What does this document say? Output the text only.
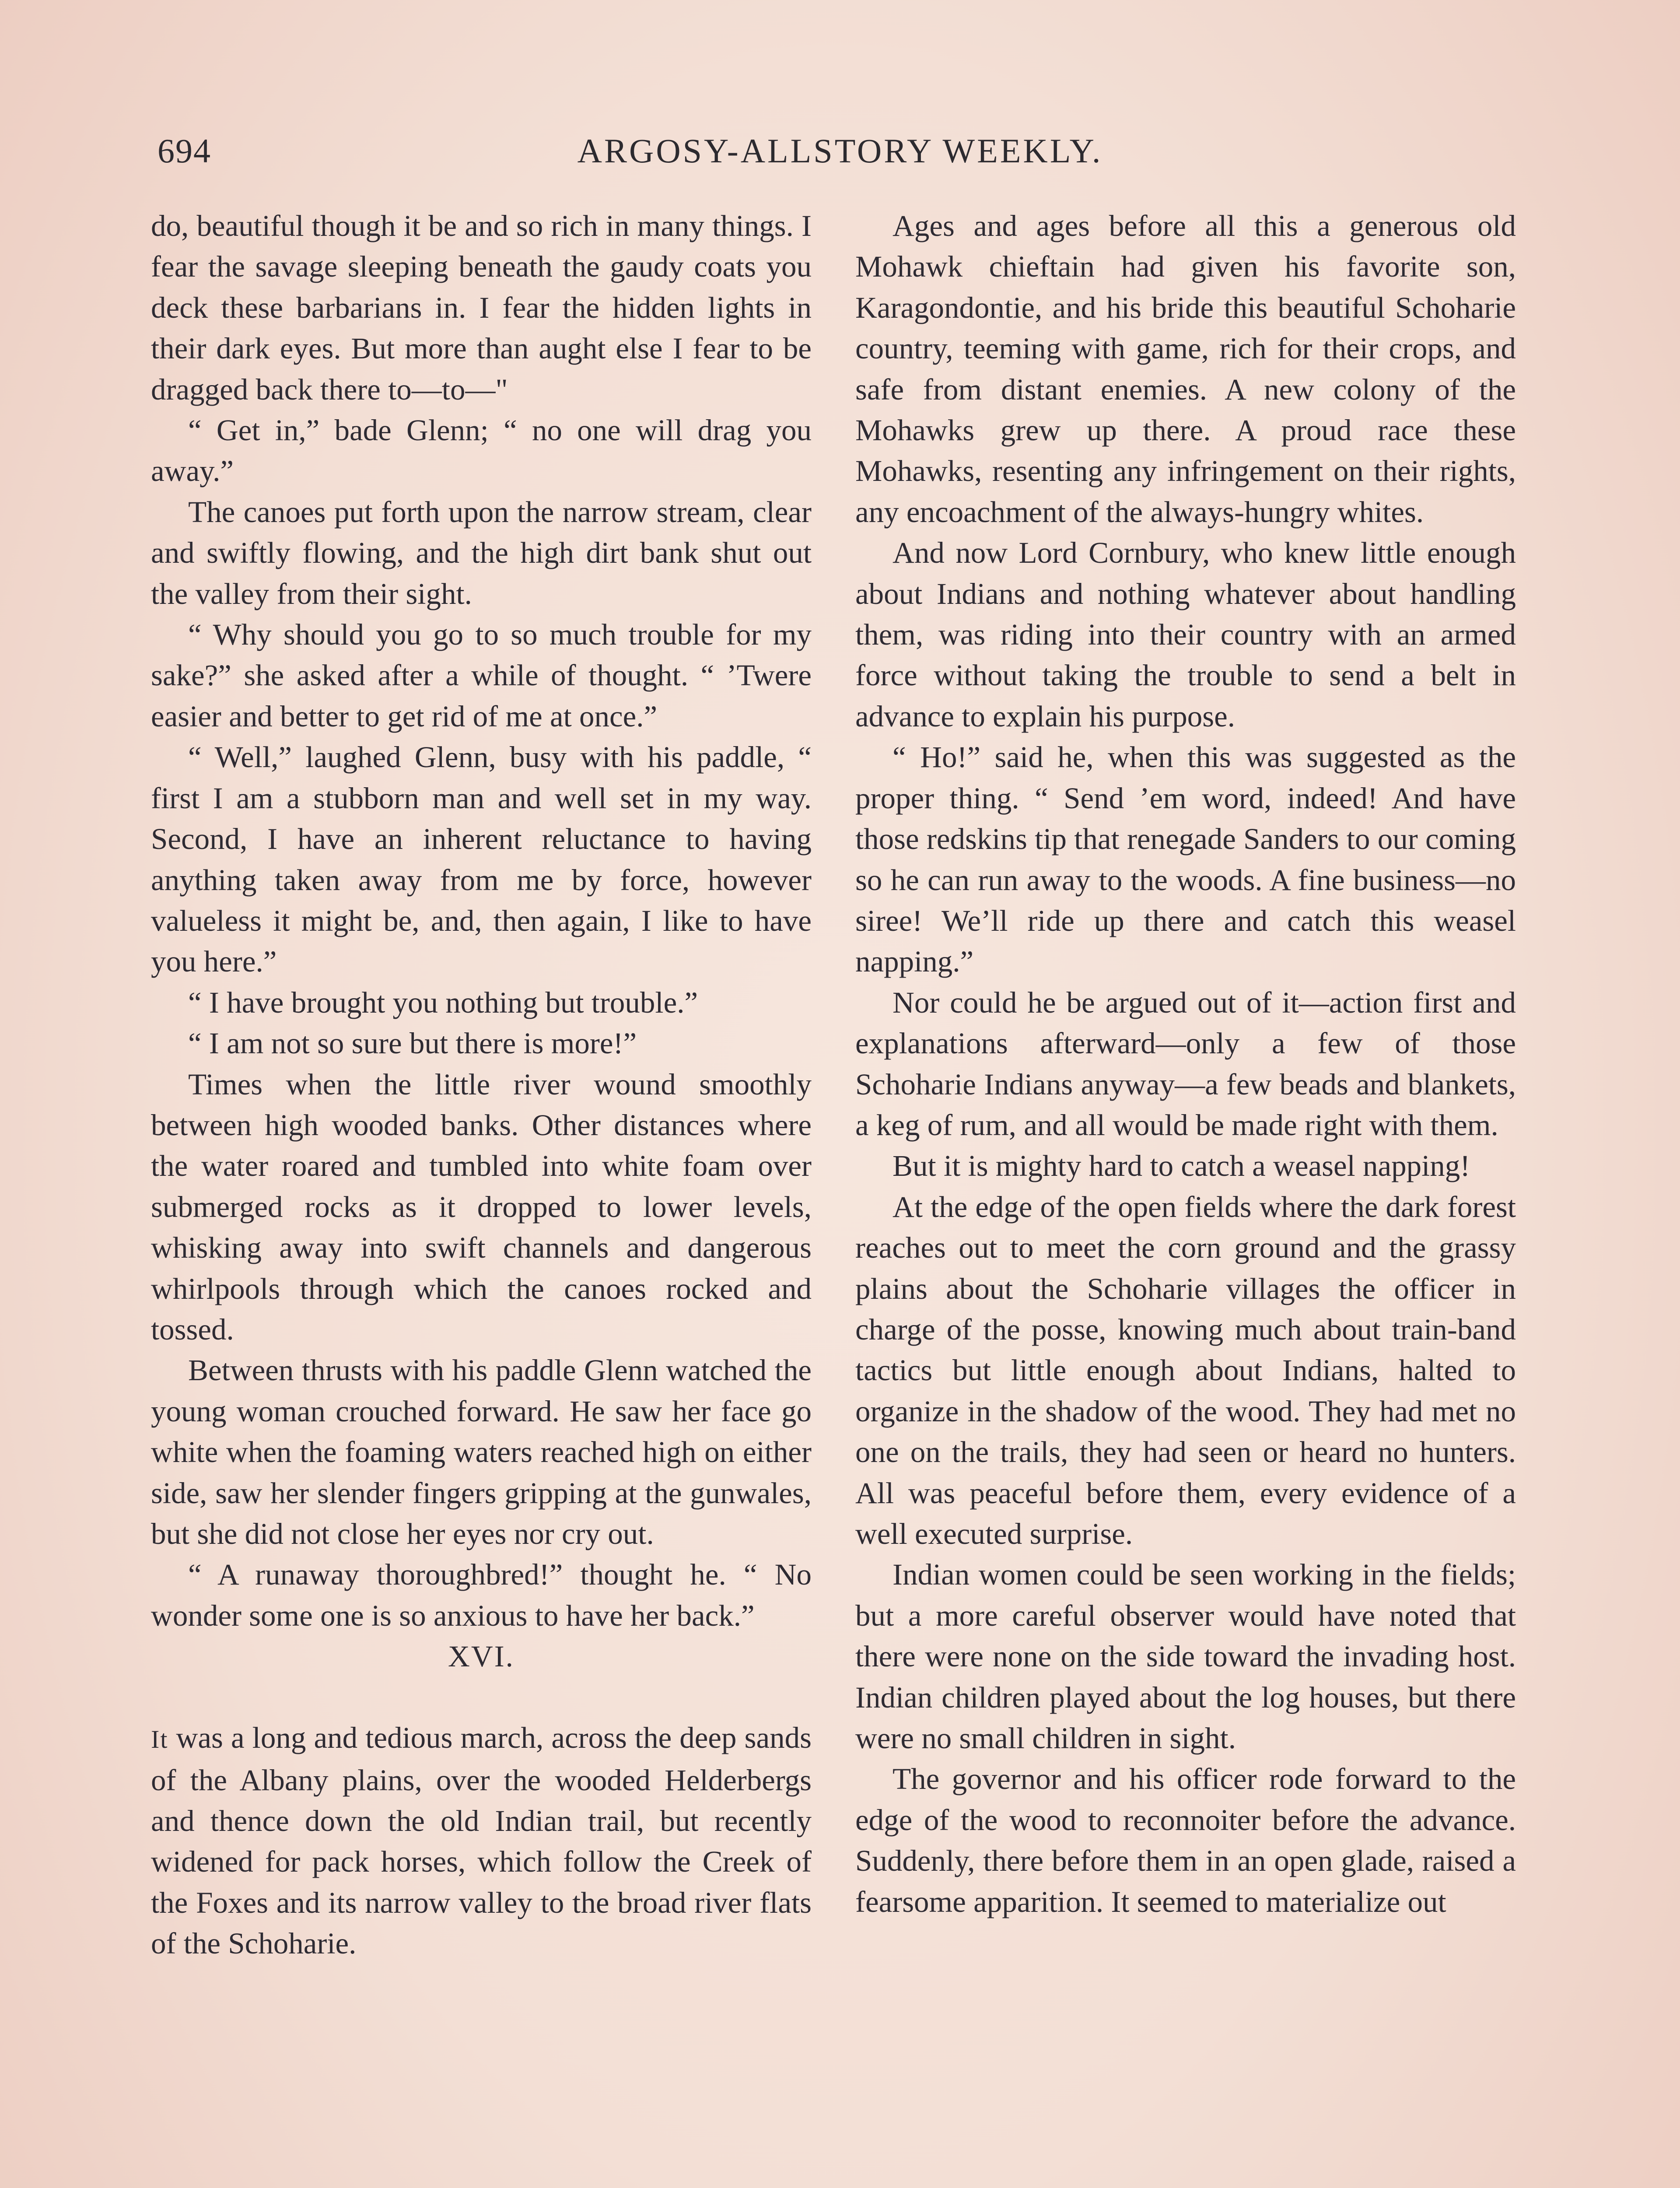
694	ARGOSY-ALLSTORY WEEKLY.

do, beautiful though it be and so rich in many things. I fear the savage sleeping beneath the gaudy coats you deck these barbarians in. I fear the hidden lights in their dark eyes. But more than aught else I fear to be dragged back there to—to—"

“ Get in,” bade Glenn; “ no one will drag you away.”

The canoes put forth upon the narrow stream, clear and swiftly flowing, and the high dirt bank shut out the valley from their sight.

“ Why should you go to so much trouble for my sake?” she asked after a while of thought. “ ’Twere easier and better to get rid of me at once.”

“ Well,” laughed Glenn, busy with his paddle, “ first I am a stubborn man and well set in my way. Second, I have an inherent reluctance to having anything taken away from me by force, however valueless it might be, and, then again, I like to have you here.”

“ I have brought you nothing but trouble.”

“ I am not so sure but there is more!”

Times when the little river wound smoothly between high wooded banks. Other distances where the water roared and tumbled into white foam over submerged rocks as it dropped to lower levels, whisking away into swift channels and dangerous whirlpools through which the canoes rocked and tossed.

Between thrusts with his paddle Glenn watched the young woman crouched forward. He saw her face go white when the foaming waters reached high on either side, saw her slender fingers gripping at the gunwales, but she did not close her eyes nor cry out.

“ A runaway thoroughbred!” thought he. “ No wonder some one is so anxious to have her back.”

XVI.

It was a long and tedious march, across the deep sands of the Albany plains, over the wooded Helderbergs and thence down the old Indian trail, but recently widened for pack horses, which follow the Creek of the Foxes and its narrow valley to the broad river flats of the Schoharie.

Ages and ages before all this a generous old Mohawk chieftain had given his favorite son, Karagondontie, and his bride this beautiful Schoharie country, teeming with game, rich for their crops, and safe from distant enemies. A new colony of the Mohawks grew up there. A proud race these Mohawks, resenting any infringement on their rights, any encoachment of the always-hungry whites.

And now Lord Cornbury, who knew little enough about Indians and nothing whatever about handling them, was riding into their country with an armed force without taking the trouble to send a belt in advance to explain his purpose.

“ Ho!” said he, when this was suggested as the proper thing. “ Send ’em word, indeed! And have those redskins tip that renegade Sanders to our coming so he can run away to the woods. A fine business—no siree! We’ll ride up there and catch this weasel napping.”

Nor could he be argued out of it—action first and explanations afterward—only a few of those Schoharie Indians anyway—a few beads and blankets, a keg of rum, and all would be made right with them.

But it is mighty hard to catch a weasel napping!

At the edge of the open fields where the dark forest reaches out to meet the corn ground and the grassy plains about the Schoharie villages the officer in charge of the posse, knowing much about train-band tactics but little enough about Indians, halted to organize in the shadow of the wood. They had met no one on the trails, they had seen or heard no hunters. All was peaceful before them, every evidence of a well executed surprise.

Indian women could be seen working in the fields; but a more careful observer would have noted that there were none on the side toward the invading host. Indian children played about the log houses, but there were no small children in sight.

The governor and his officer rode forward to the edge of the wood to reconnoiter before the advance. Suddenly, there before them in an open glade, raised a fearsome apparition. It seemed to materialize out
